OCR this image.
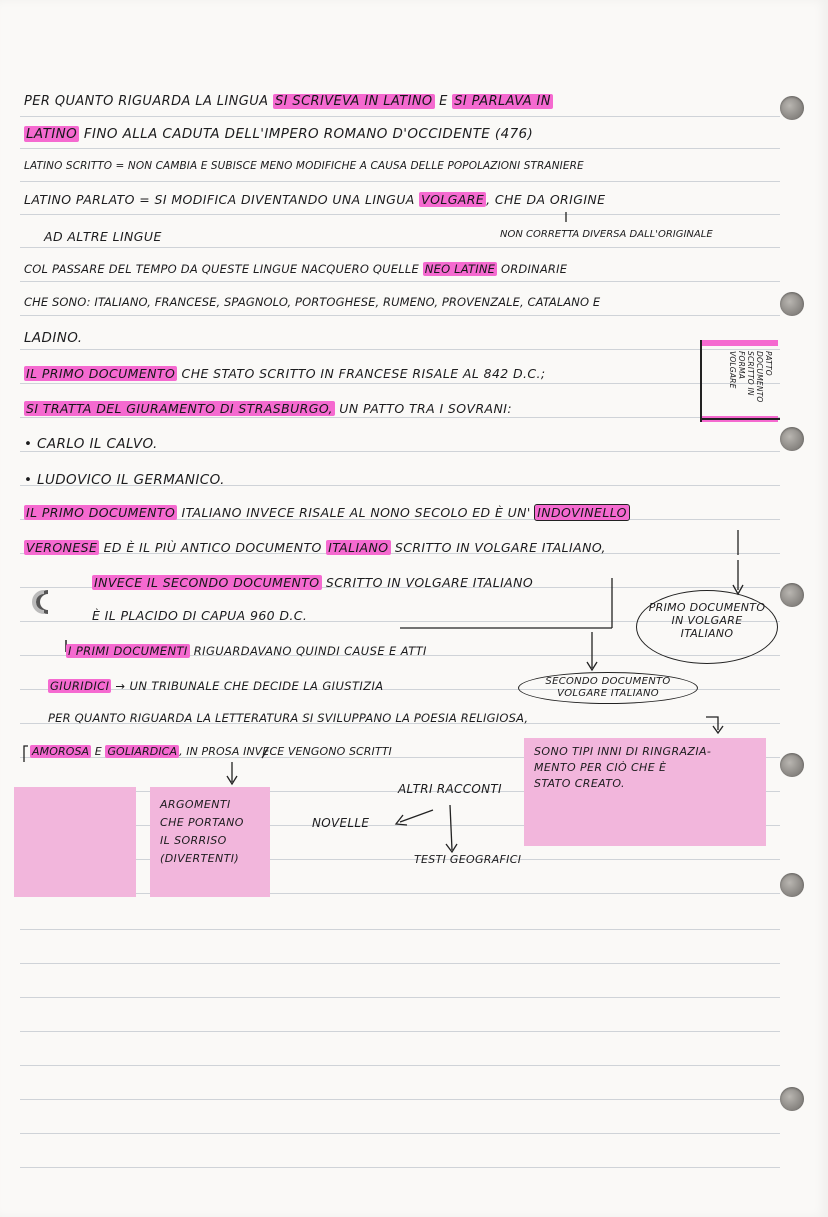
PER QUANTO RIGUARDA LA LINGUA SI SCRIVEVA IN LATINO E SI PARLAVA IN
LATINO FINO ALLA CADUTA DELL'IMPERO ROMANO D'OCCIDENTE (476)
LATINO SCRITTO = NON CAMBIA E SUBISCE MENO MODIFICHE A CAUSA DELLE POPOLAZIONI STRANIERE
LATINO PARLATO = SI MODIFICA DIVENTANDO UNA LINGUA VOLGARE , CHE DA ORIGINE
AD ALTRE LINGUE	NON CORRETTA DIVERSA DALL'ORIGINALE
COL PASSARE DEL TEMPO DA QUESTE LINGUE NACQUERO QUELLE NEO LATINE ORDINARIE
CHE SONO: ITALIANO, FRANCESE, SPAGNOLO, PORTOGHESE, RUMENO, PROVENZALE, CATALANO E
LADINO.
IL PRIMO DOCUMENTO CHE STATO SCRITTO IN FRANCESE RISALE AL 842 D.C.;
SI TRATTA DEL GIURAMENTO DI STRASBURGO, UN PATTO TRA I SOVRANI:
• CARLO IL CALVO.
• LUDOVICO IL GERMANICO.
IL PRIMO DOCUMENTO ITALIANO INVECE RISALE AL NONO SECOLO ED È UN' INDOVINELLO
VERONESE ED È IL PIÙ ANTICO DOCUMENTO ITALIANO SCRITTO IN VOLGARE ITALIANO,
INVECE IL SECONDO DOCUMENTO SCRITTO IN VOLGARE ITALIANO
È IL PLACIDO DI CAPUA 960 D.C.
I PRIMI DOCUMENTI RIGUARDAVANO QUINDI CAUSE E ATTI
GIURIDICI → UN TRIBUNALE CHE DECIDE LA GIUSTIZIA
PER QUANTO RIGUARDA LA LETTERATURA SI SVILUPPANO LA POESIA RELIGIOSA,
AMOROSA E GOLIARDICA , IN PROSA INVECE VENGONO SCRITTI
PATTO
DOCUMENTO
SCRITTO IN
FORMA
VOLGARE
PRIMO DOCUMENTO
IN VOLGARE
ITALIANO
SECONDO DOCUMENTO
VOLGARE ITALIANO
SONO TIPI INNI DI RINGRAZIA-
MENTO PER CIÒ CHE È
STATO CREATO.
ARGOMENTI
CHE PORTANO
IL SORRISO
(DIVERTENTI)
ALTRI RACCONTI
NOVELLE
TESTI GEOGRAFICI
